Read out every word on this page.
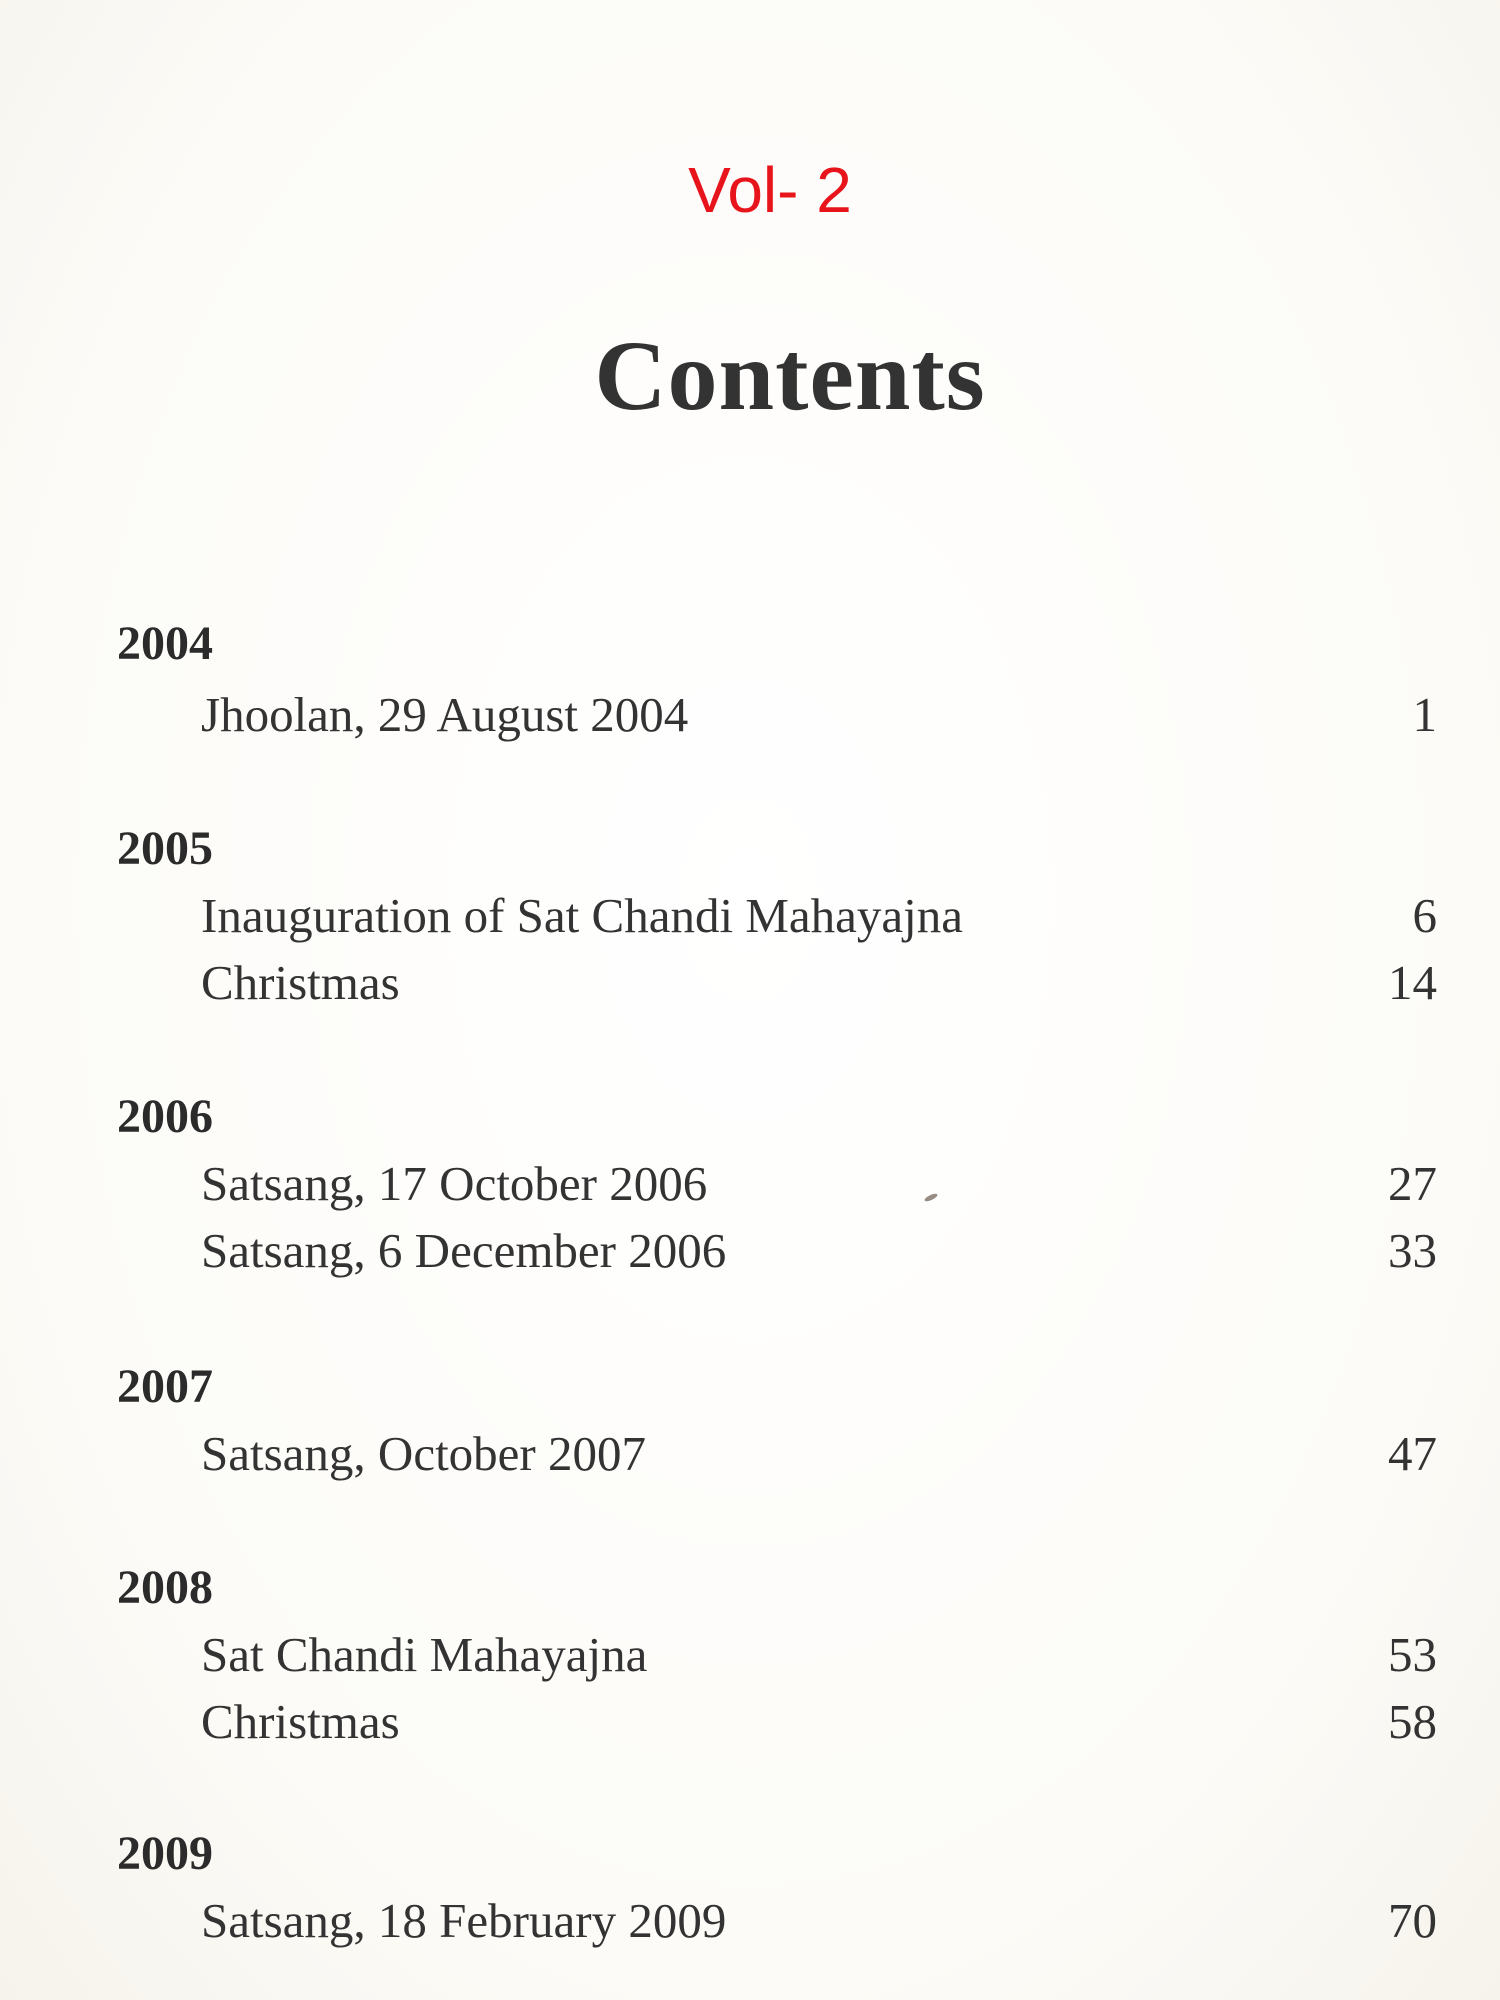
Vol- 2
Contents
2004
Jhoolan, 29 August 2004	1
2005
Inauguration of Sat Chandi Mahayajna	6
Christmas	14
2006
Satsang, 17 October 2006	27
Satsang, 6 December 2006	33
2007
Satsang, October 2007	47
2008
Sat Chandi Mahayajna	53
Christmas	58
2009
Satsang, 18 February 2009	70
